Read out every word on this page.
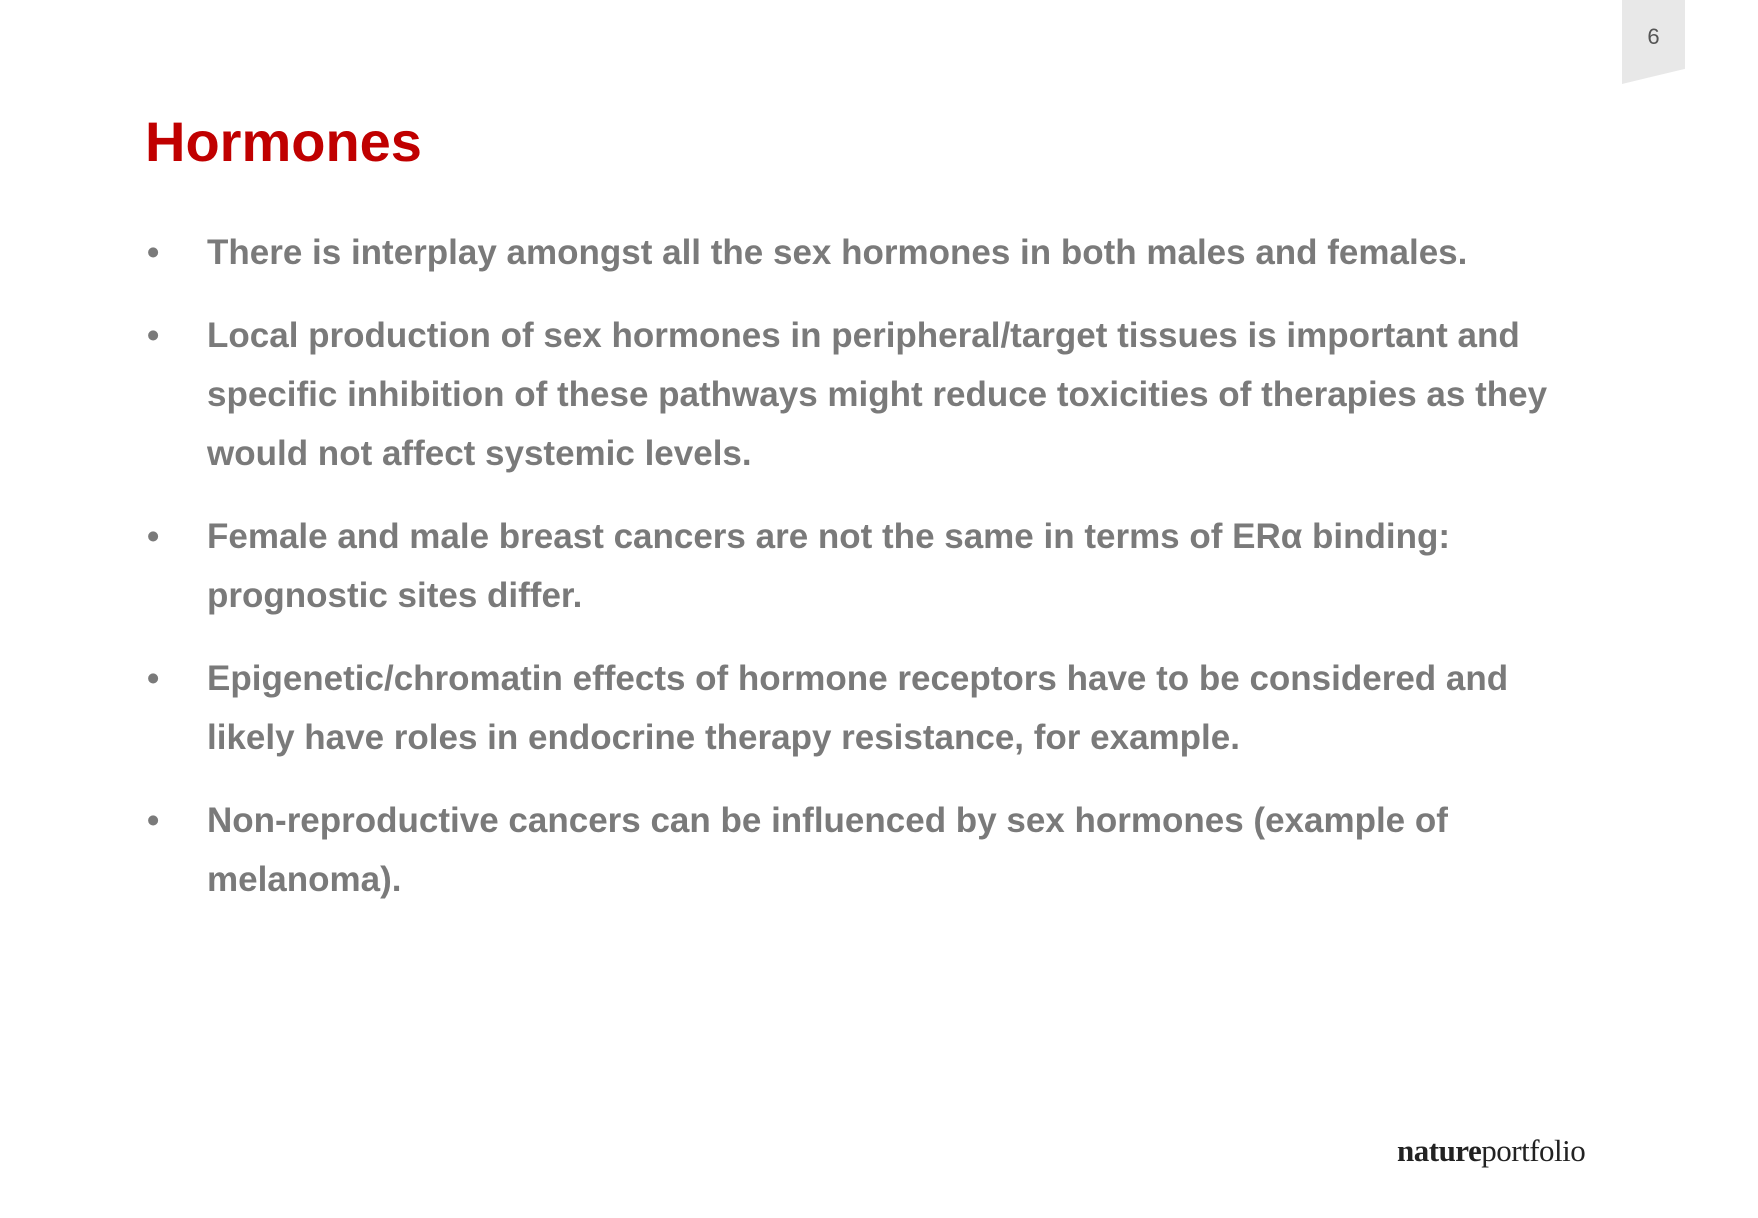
6
Hormones
• There is interplay amongst all the sex hormones in both males and females.
• Local production of sex hormones in peripheral/target tissues is important and specific inhibition of these pathways might reduce toxicities of therapies as they would not affect systemic levels.
• Female and male breast cancers are not the same in terms of ERα binding: prognostic sites differ.
• Epigenetic/chromatin effects of hormone receptors have to be considered and likely have roles in endocrine therapy resistance, for example.
• Non-reproductive cancers can be influenced by sex hormones (example of melanoma).
natureportfolio
